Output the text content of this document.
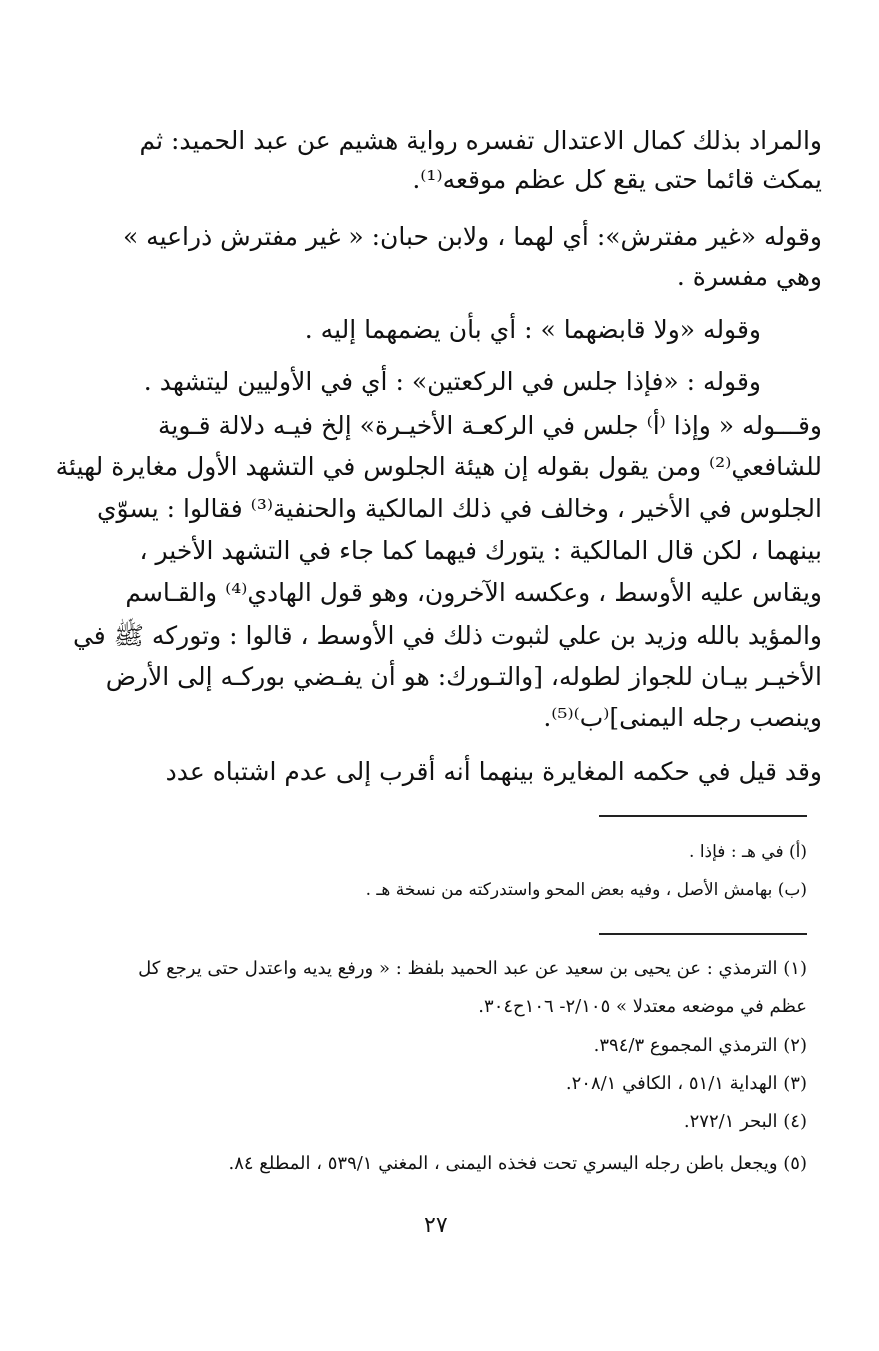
والمراد بذلك كمال الاعتدال تفسره رواية هشيم عن عبد الحميد: ثم
يمكث قائما حتى يقع كل عظم موقعه⁽¹⁾.
وقوله «غير مفترش»: أي لهما ، ولابن حبان: « غير مفترش ذراعيه »
وهي مفسرة .
وقوله «ولا قابضهما » : أي بأن يضمهما إليه .
وقوله : «فإذا جلس في الركعتين» : أي في الأوليين ليتشهد .
وقـــوله « وإذا ⁽أ⁾ جلس في الركعـة الأخيـرة» إلخ فيـه دلالة قـوية
للشافعي⁽²⁾ ومن يقول بقوله إن هيئة الجلوس في التشهد الأول مغايرة لهيئة
الجلوس في الأخير ، وخالف في ذلك المالكية والحنفية⁽³⁾ فقالوا : يسوّي
بينهما ، لكن قال المالكية : يتورك فيهما كما جاء في التشهد الأخير ،
ويقاس عليه الأوسط ، وعكسه الآخرون، وهو قول الهادي⁽⁴⁾ والقـاسم
والمؤيد بالله وزيد بن علي لثبوت ذلك في الأوسط ، قالوا : وتوركه ﷺ في
الأخيـر بيـان للجواز لطوله، [والتـورك: هو أن يفـضي بوركـه إلى الأرض
وينصب رجله اليمنى]⁽ب⁾⁽⁵⁾.
وقد قيل في حكمه المغايرة بينهما أنه أقرب إلى عدم اشتباه عدد
(أ) في هـ : فإذا .
(ب) بهامش الأصل ، وفيه بعض المحو واستدركته من نسخة هـ .
(١) الترمذي : عن يحيى بن سعيد عن عبد الحميد بلفظ : « ورفع يديه واعتدل حتى يرجع كل
عظم في موضعه معتدلا » ٢/١٠٥- ١٠٦ح٣٠٤.
(٢) الترمذي المجموع ٣٩٤/٣.
(٣) الهداية ٥١/١ ، الكافي ٢٠٨/١.
(٤) البحر ٢٧٢/١.
(٥) ويجعل باطن رجله اليسري تحت فخذه اليمنى ، المغني ٥٣٩/١ ، المطلع ٨٤.
٢٧
